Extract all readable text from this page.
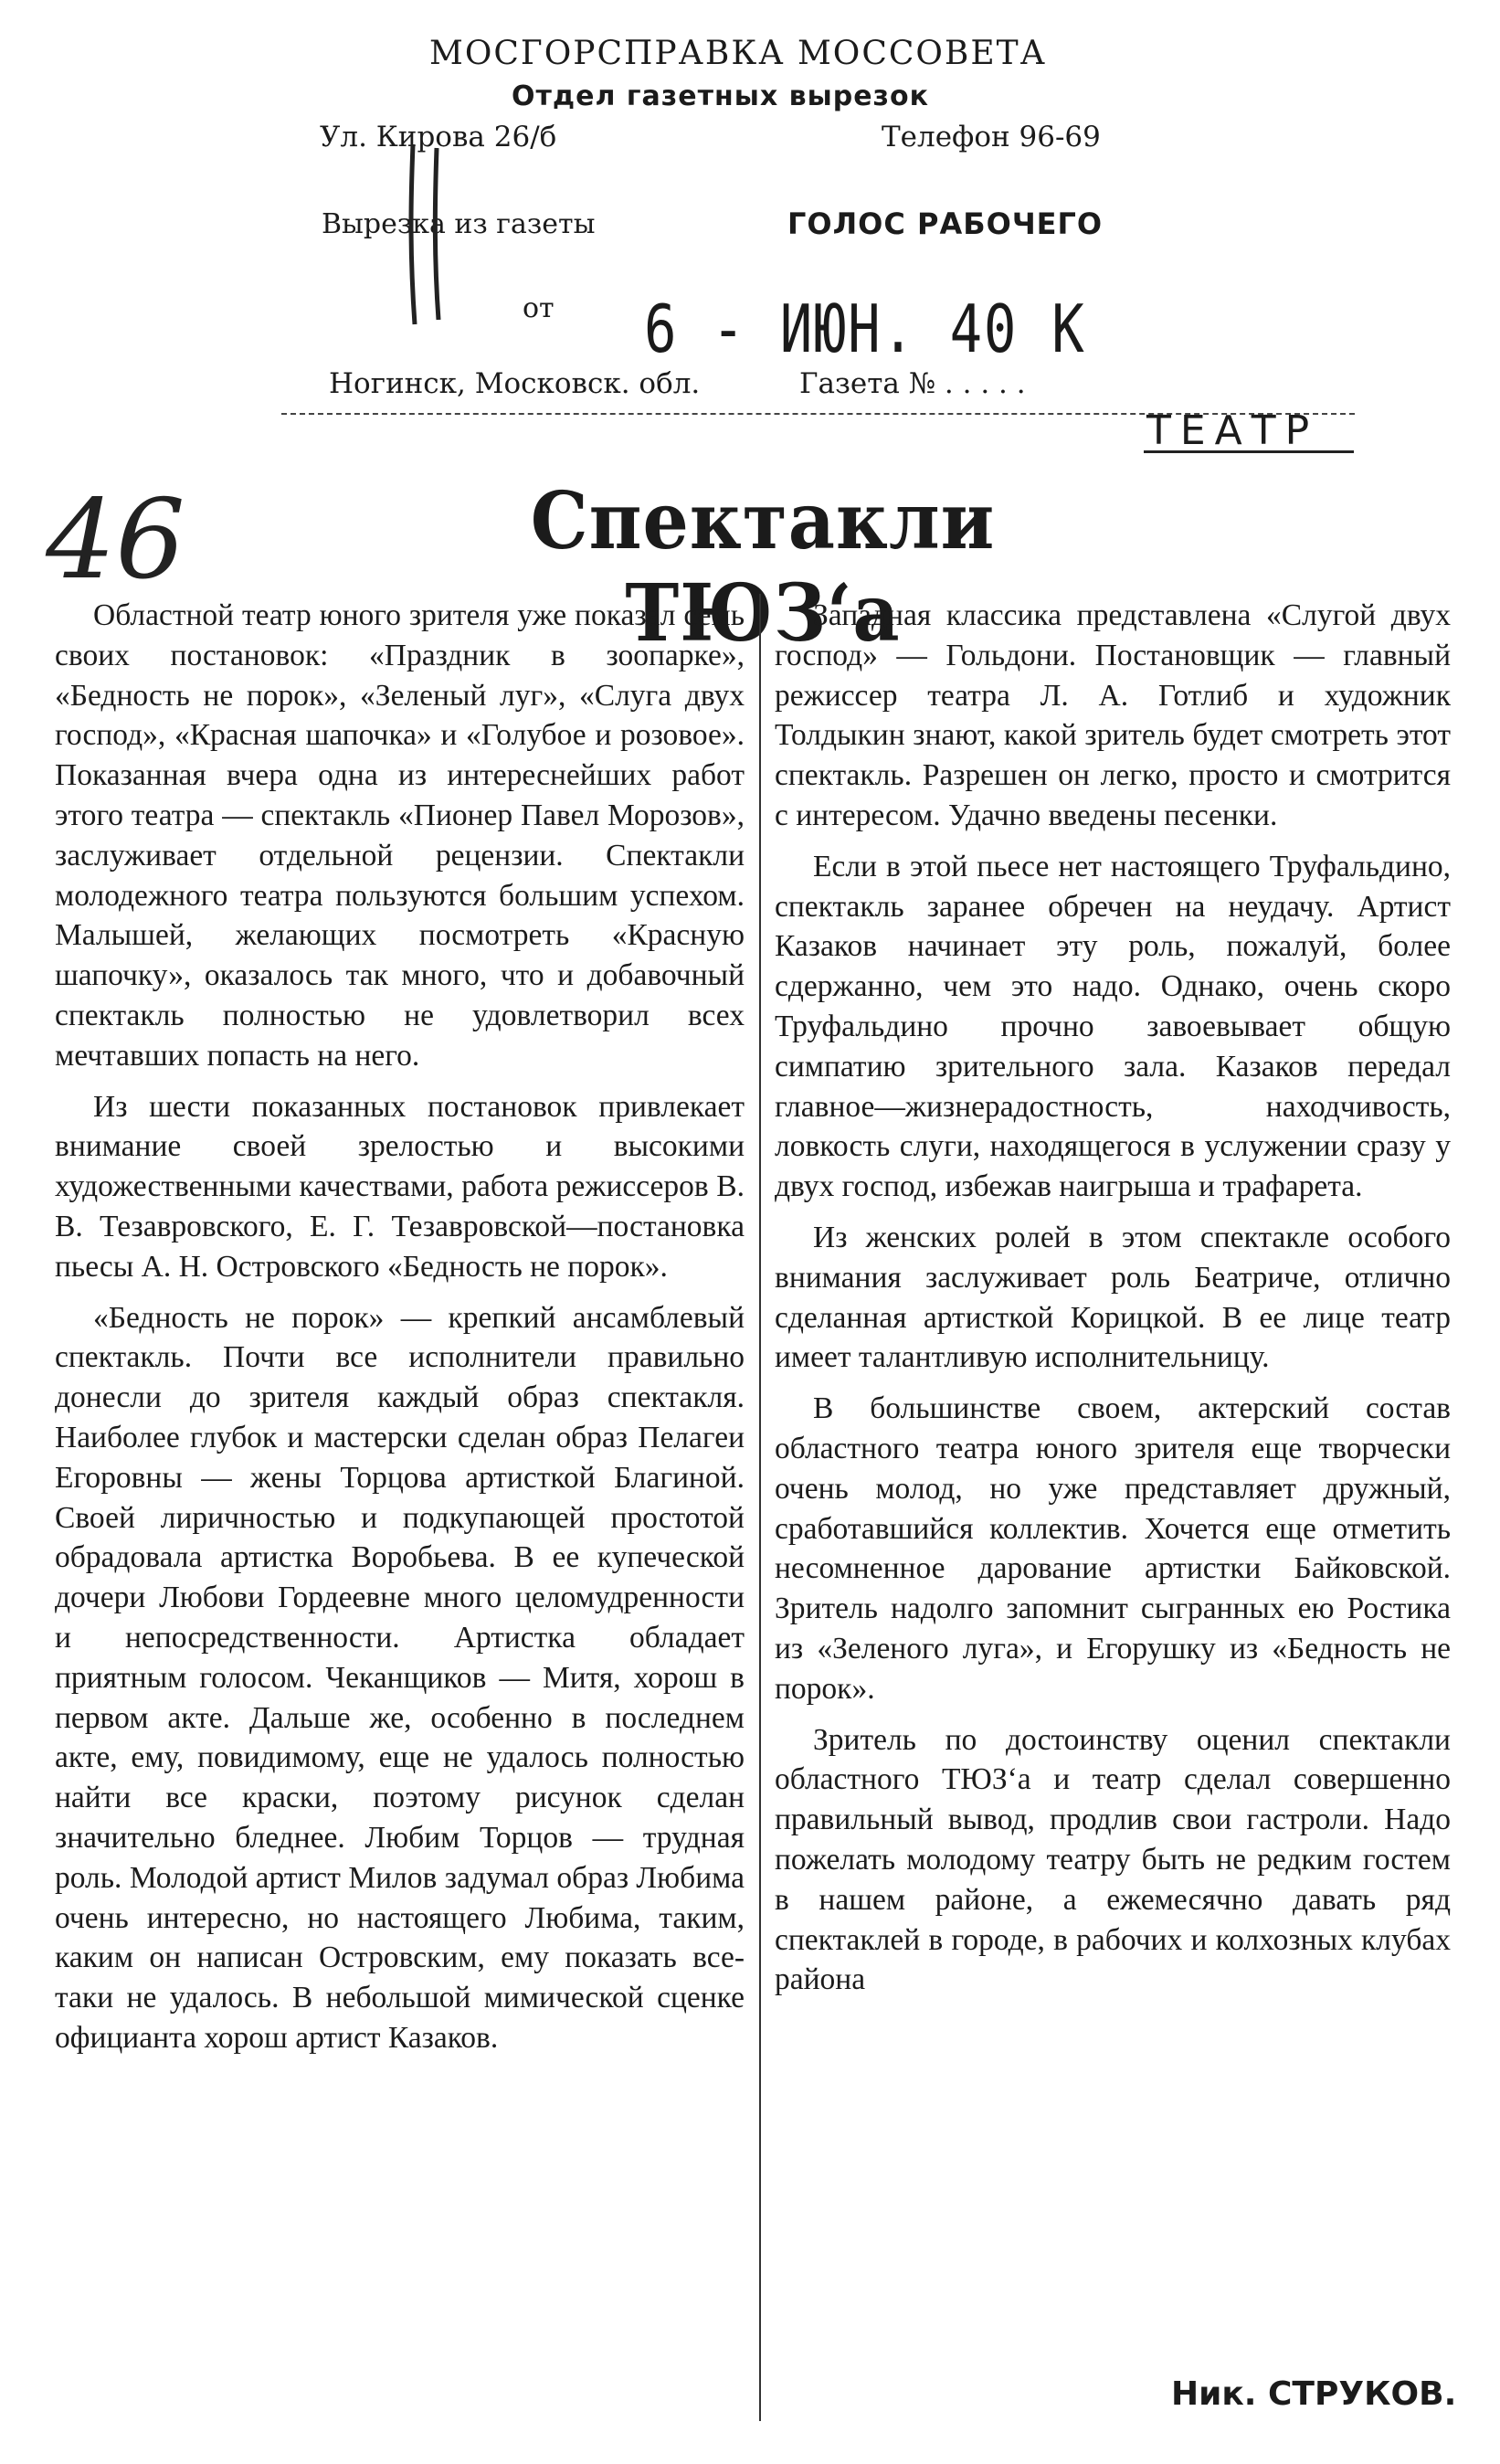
МОСГОРСПРАВКА МОССОВЕТА
Отдел газетных вырезок
Ул. Кирова 26/б	Телефон 96-69
Вырезка из газеты	ГОЛОС РАБОЧЕГО
от 6 - ИЮН. 40 К
Ногинск, Московск. обл.	Газета № . . . . .
46
ТЕАТР
Спектакли ТЮЗ‘а

Областной театр юного зрителя уже показал семь своих постановок: «Праздник в зоопарке», «Бедность не порок», «Зеленый луг», «Слуга двух господ», «Красная шапочка» и «Голубое и розовое». Показанная вчера одна из интереснейших работ этого театра — спектакль «Пионер Павел Морозов», заслуживает отдельной рецензии. Спектакли молодежного театра пользуются большим успехом. Малышей, желающих посмотреть «Красную шапочку», оказалось так много, что и добавочный спектакль полностью не удовлетворил всех мечтавших попасть на него.

Из шести показанных постановок привлекает внимание своей зрелостью и высокими художественными качествами, работа режиссеров В. В. Тезавровского, Е. Г. Тезавровской—постановка пьесы А. Н. Островского «Бедность не порок».

«Бедность не порок» — крепкий ансамблевый спектакль. Почти все исполнители правильно донесли до зрителя каждый образ спектакля. Наиболее глубок и мастерски сделан образ Пелагеи Егоровны — жены Торцова артисткой Благиной. Своей лиричностью и подкупающей простотой обрадовала артистка Воробьева. В ее купеческой дочери Любови Гордеевне много целомудренности и непосредственности. Артистка обладает приятным голосом. Чеканщиков — Митя, хорош в первом акте. Дальше же, особенно в последнем акте, ему, повидимому, еще не удалось полностью найти все краски, поэтому рисунок сделан значительно бледнее. Любим Торцов — трудная роль. Молодой артист Милов задумал образ Любима очень интересно, но настоящего Любима, таким, каким он написан Островским, ему показать все-таки не удалось. В небольшой мимической сценке официанта хорош артист Казаков.

Западная классика представлена «Слугой двух господ» — Гольдони. Постановщик — главный режиссер театра Л. А. Готлиб и художник Толдыкин знают, какой зритель будет смотреть этот спектакль. Разрешен он легко, просто и смотрится с интересом. Удачно введены песенки.

Если в этой пьесе нет настоящего Труфальдино, спектакль заранее обречен на неудачу. Артист Казаков начинает эту роль, пожалуй, более сдержанно, чем это надо. Однако, очень скоро Труфальдино прочно завоевывает общую симпатию зрительного зала. Казаков передал главное—жизнерадостность, находчивость, ловкость слуги, находящегося в услужении сразу у двух господ, избежав наигрыша и трафарета.

Из женских ролей в этом спектакле особого внимания заслуживает роль Беатриче, отлично сделанная артисткой Корицкой. В ее лице театр имеет талантливую исполнительницу.

В большинстве своем, актерский состав областного театра юного зрителя еще творчески очень молод, но уже представляет дружный, сработавшийся коллектив. Хочется еще отметить несомненное дарование артистки Байковской. Зритель надолго запомнит сыгранных ею Ростика из «Зеленого луга», и Егорушку из «Бедность не порок».

Зритель по достоинству оценил спектакли областного ТЮЗ‘а и театр сделал совершенно правильный вывод, продлив свои гастроли. Надо пожелать молодому театру быть не редким гостем в нашем районе, а ежемесячно давать ряд спектаклей в городе, в рабочих и колхозных клубах района

Ник. СТРУКОВ.
